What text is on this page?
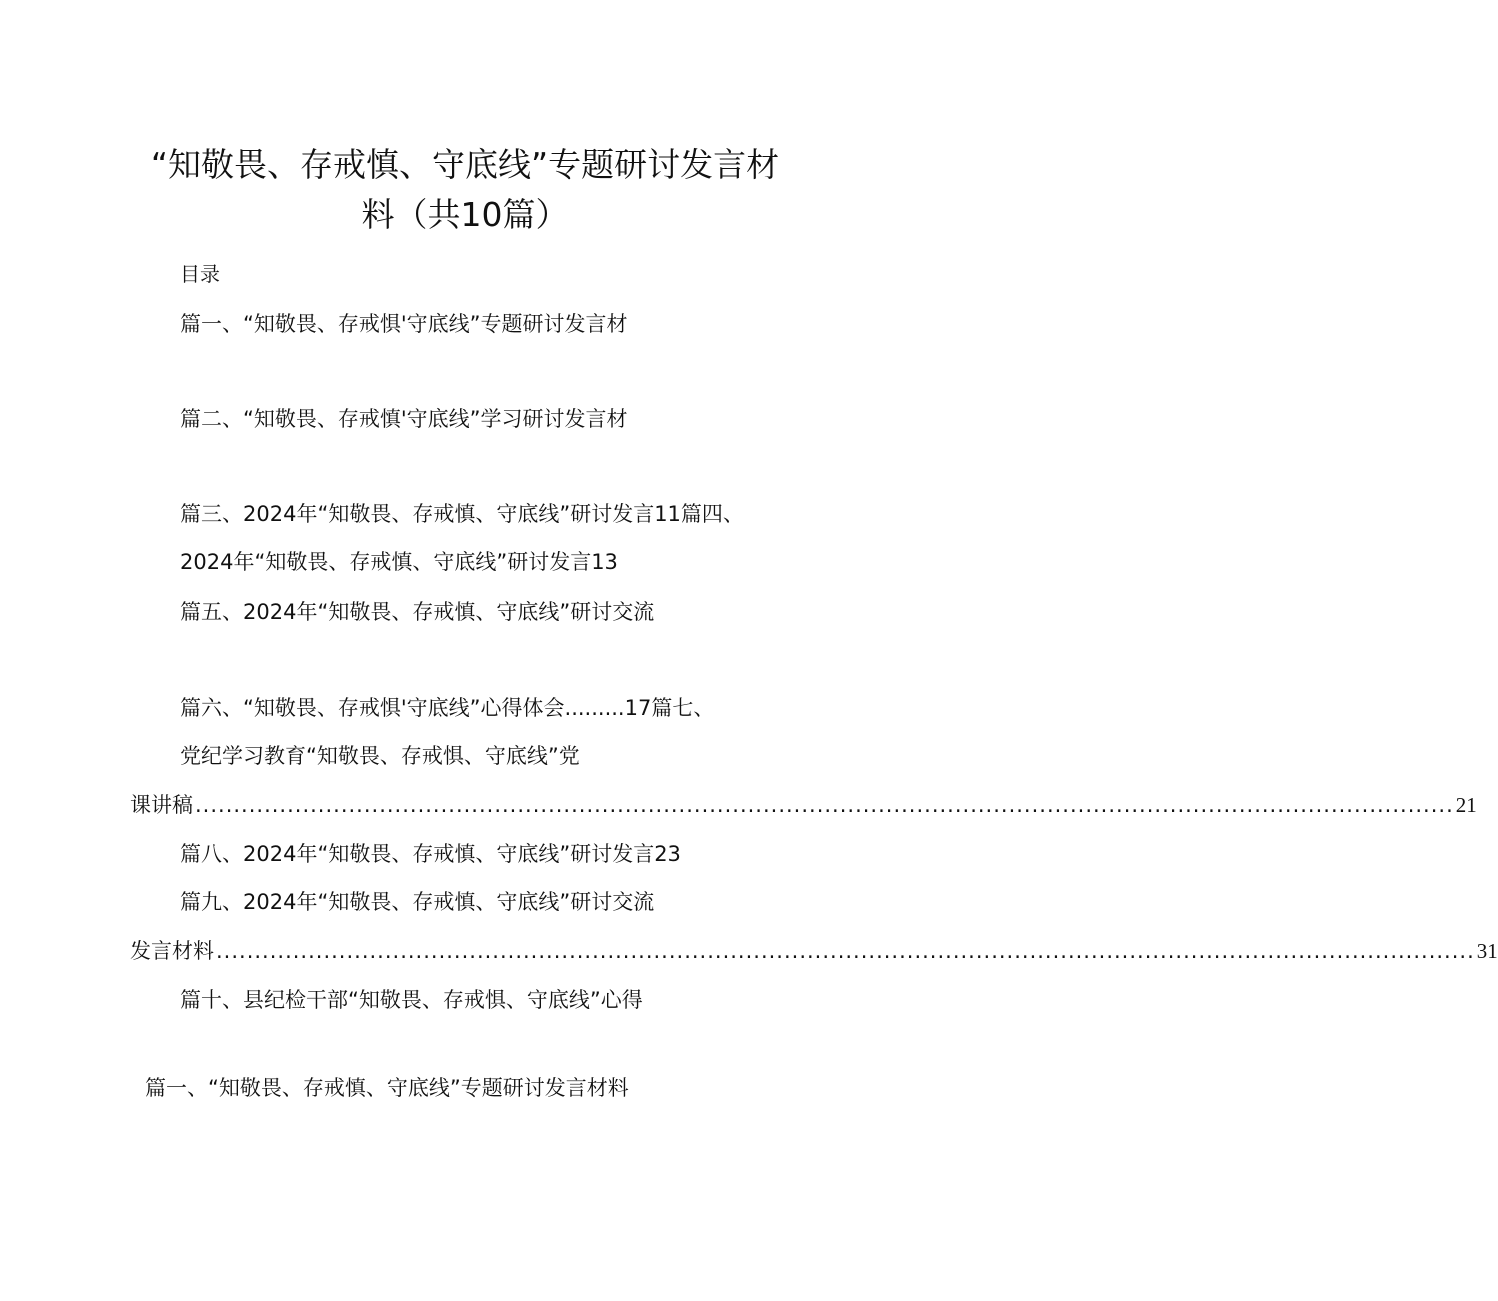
“知敬畏、存戒慎、守底线”专题研讨发言材
料（共10篇）
目录
篇一、“知敬畏、存戒惧'守底线”专题研讨发言材
篇二、“知敬畏、存戒慎'守底线”学习研讨发言材
篇三、2024年“知敬畏、存戒慎、守底线”研讨发言11篇四、
2024年“知敬畏、存戒慎、守底线”研讨发言13
篇五、2024年“知敬畏、存戒慎、守底线”研讨交流
篇六、“知敬畏、存戒惧'守底线”心得体会.........17篇七、
党纪学习教育“知敬畏、存戒惧、守底线”党
课讲稿 .................................................................................................................................................................... 21
篇八、2024年“知敬畏、存戒慎、守底线”研讨发言23
篇九、2024年“知敬畏、存戒慎、守底线”研讨交流
发言材料 .................................................................................................................................................................... 31
篇十、县纪检干部“知敬畏、存戒惧、守底线”心得
篇一、“知敬畏、存戒慎、守底线”专题研讨发言材料
